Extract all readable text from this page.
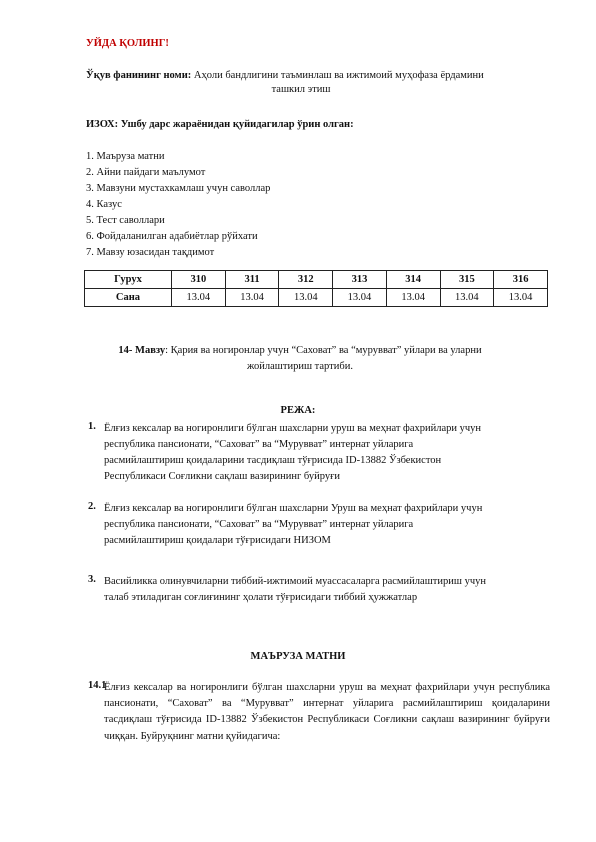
УЙДА ҚОЛИНГ!
Ўқув фанининг номи: Аҳоли бандлигини таъминлаш ва ижтимоий муҳофаза ёрдамини
ташкил этиш
ИЗОХ: Ушбу дарс жараёнидан қуйидагилар ўрин олган:
1. Маъруза матни
2. Айни пайдаги маълумот
3. Мавзуни мустахкамлаш учун саволлар
4. Казус
5. Тест саволлари
6. Фойдаланилган адабиётлар рўйхати
7. Мавзу юзасидан тақдимот
Гурух	310	311	312	313	314	315	316
Сана	13.04	13.04	13.04	13.04	13.04	13.04	13.04
14- Мавзу: Қария ва ногиронлар учун “Саховат” ва “мурувват” уйлари ва уларни
жойлаштириш тартиби.
РЕЖА:
1. Ёлғиз кексалар ва ногиронлиги бўлган шахсларни уруш ва меҳнат фахрийлари учун
республика пансионати, “Саховат” ва “Мурувват” интернат уйларига
расмийлаштириш қоидаларини тасдиқлаш тўғрисида ID-13882 Ўзбекистон
Республикаси Соғликни сақлаш вазирининг буйруғи
2. Ёлғиз кексалар ва ногиронлиги бўлган шахсларни Уруш ва меҳнат фахрийлари учун
республика пансионати, “Саховат” ва “Мурувват” интернат уйларига
расмийлаштириш қоидалари тўғрисидаги НИЗОМ
3. Васийликка олинувчиларни тиббий-ижтимоий муассасаларга расмийлаштириш учун
талаб этиладиган соғлиғининг ҳолати тўғрисидаги тиббий ҳужжатлар
МАЪРУЗА МАТНИ
14.1
Ёлғиз кексалар ва ногиронлиги бўлган шахсларни уруш ва меҳнат фахрийлари учун республика пансионати, “Саховат” ва “Мурувват” интернат уйларига расмийлаштириш қоидаларини тасдиқлаш тўғрисида ID-13882 Ўзбекистон Республикаси Соғликни сақлаш вазирининг буйруғи чиққан. Буйруқнинг матни қуйидагича:
